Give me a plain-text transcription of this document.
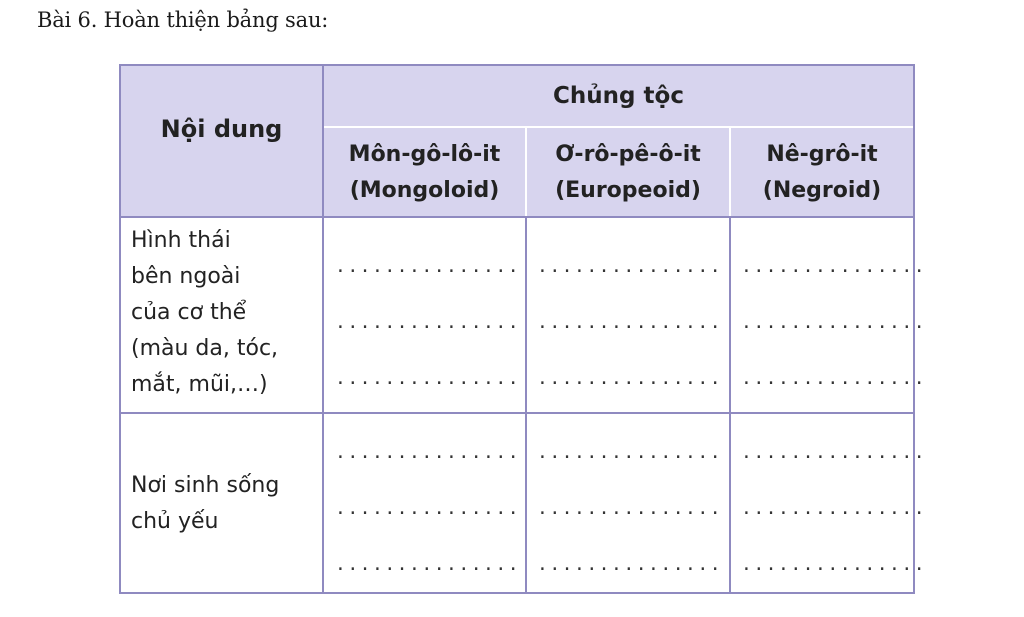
Bài 6. Hoàn thiện bảng sau:
Nội dung
Chủng tộc
Môn-gô-lô-it
(Mongoloid)
Ơ-rô-pê-ô-it
(Europeoid)
Nê-grô-it
(Negroid)
Hình thái
bên ngoài
của cơ thể
(màu da, tóc,
mắt, mũi,…)
Nơi sinh sống
chủ yếu
...............
...............
...............
...............
...............
...............
...............
...............
...............
...............
...............
...............
...............
...............
...............
...............
...............
...............
